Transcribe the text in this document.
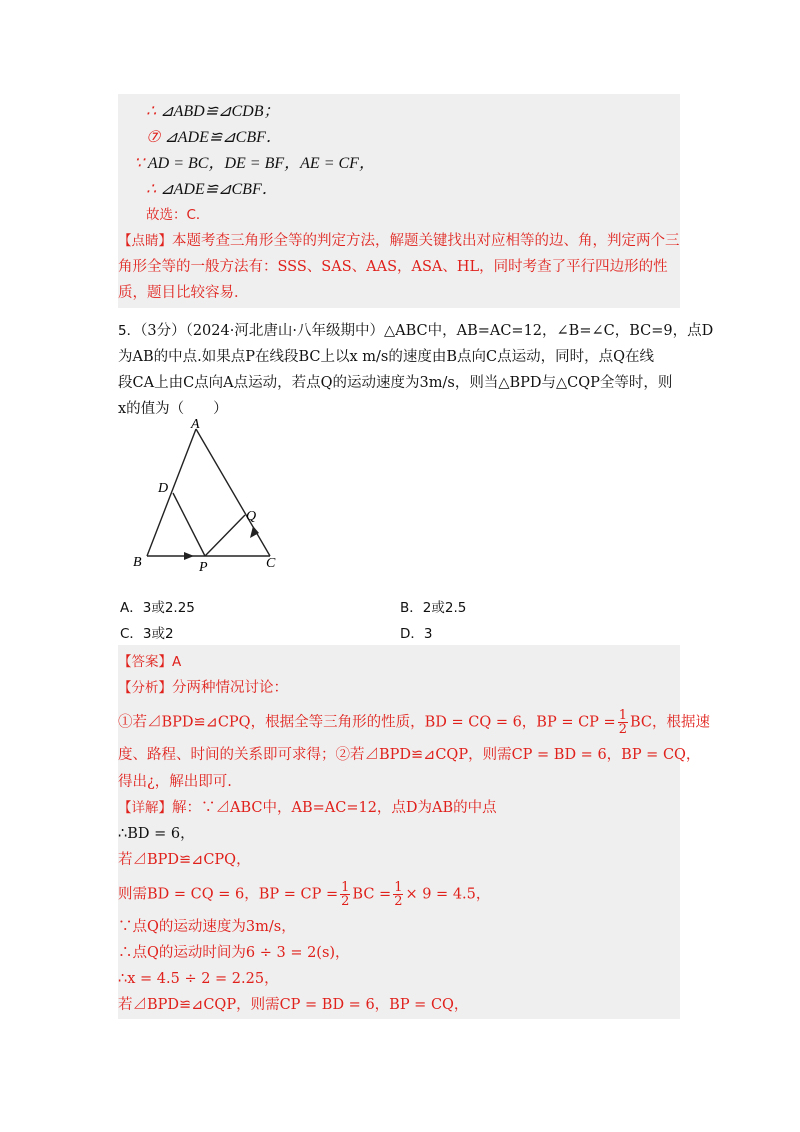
∴ ⊿ABD≌⊿CDB；
⑦ ⊿ADE≌⊿CBF．
∵ AD = BC，DE = BF，AE = CF，
∴ ⊿ADE≌⊿CBF．
故选：C．
【点睛】本题考查三角形全等的判定方法，解题关键找出对应相等的边、角，判定两个三
角形全等的一般方法有：SSS、SAS、AAS，ASA、HL，同时考查了平行四边形的性
质，题目比较容易．
5．（3分）（2024·河北唐山·八年级期中）△ABC中，AB=AC=12，∠B=∠C，BC=9，点D
为AB的中点.如果点P在线段BC上以x m/s的速度由B点向C点运动，同时，点Q在线
段CA上由C点向A点运动，若点Q的运动速度为3m/s，则当△BPD与△CQP全等时，则
x的值为（　　）
A
D
Q
B	P	C
A．3或2.25	B．2或2.5
C．3或2	D．3
【答案】A
【分析】分两种情况讨论：
①若⊿BPD≌⊿CPQ，根据全等三角形的性质，BD = CQ = 6，BP = CP = $\frac{1}{2}$ BC，根据速
度、路程、时间的关系即可求得；②若⊿BPD≌⊿CQP，则需CP = BD = 6，BP = CQ，
得出¿，解出即可.
【详解】解：∵⊿ABC中，AB=AC=12，点D为AB的中点
∴BD = 6，
若⊿BPD≌⊿CPQ，
则需BD = CQ = 6，BP = CP = $\frac{1}{2}$ BC = $\frac{1}{2} \times 9 = 4.5$，
∵点Q的运动速度为3m/s，
∴点Q的运动时间为6 ÷ 3 = 2(s)，
∴x = 4.5 ÷ 2 = 2.25，
若⊿BPD≌⊿CQP，则需CP = BD = 6，BP = CQ，
